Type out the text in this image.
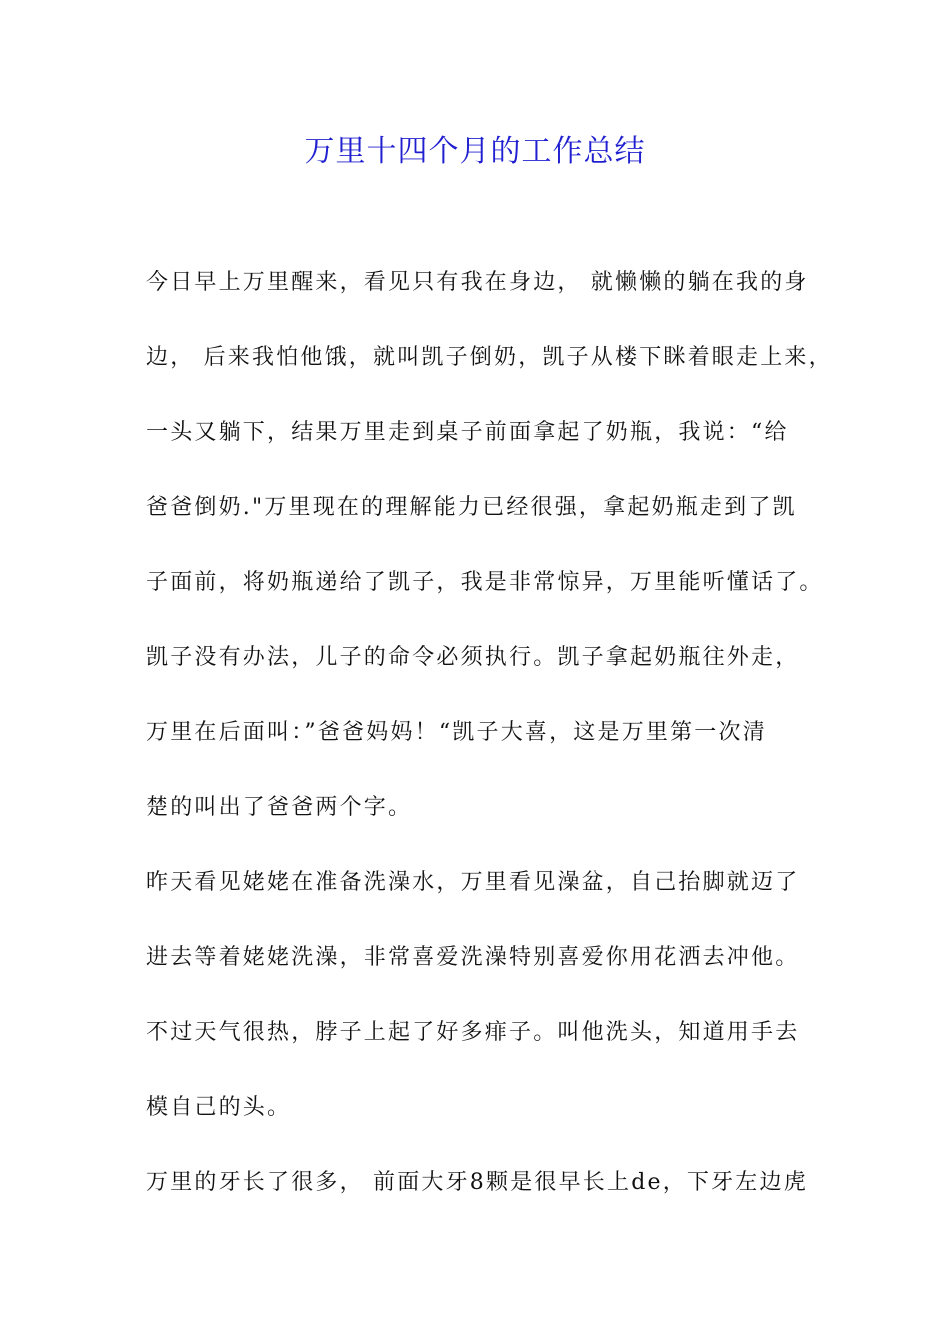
万里十四个月的工作总结
今日早上万里醒来，看见只有我在身边， 就懒懒的躺在我的身
边， 后来我怕他饿，就叫凯子倒奶，凯子从楼下眯着眼走上来，
一头又躺下，结果万里走到桌子前面拿起了奶瓶，我说：“给
爸爸倒奶."万里现在的理解能力已经很强，拿起奶瓶走到了凯
子面前，将奶瓶递给了凯子，我是非常惊异，万里能听懂话了。
凯子没有办法，儿子的命令必须执行。凯子拿起奶瓶往外走，
万里在后面叫：”爸爸妈妈！“凯子大喜，这是万里第一次清
楚的叫出了爸爸两个字。
昨天看见姥姥在准备洗澡水，万里看见澡盆，自己抬脚就迈了
进去等着姥姥洗澡，非常喜爱洗澡特别喜爱你用花洒去冲他。
不过天气很热，脖子上起了好多痱子。叫他洗头，知道用手去
模自己的头。
万里的牙长了很多， 前面大牙8颗是很早长上de，下牙左边虎
